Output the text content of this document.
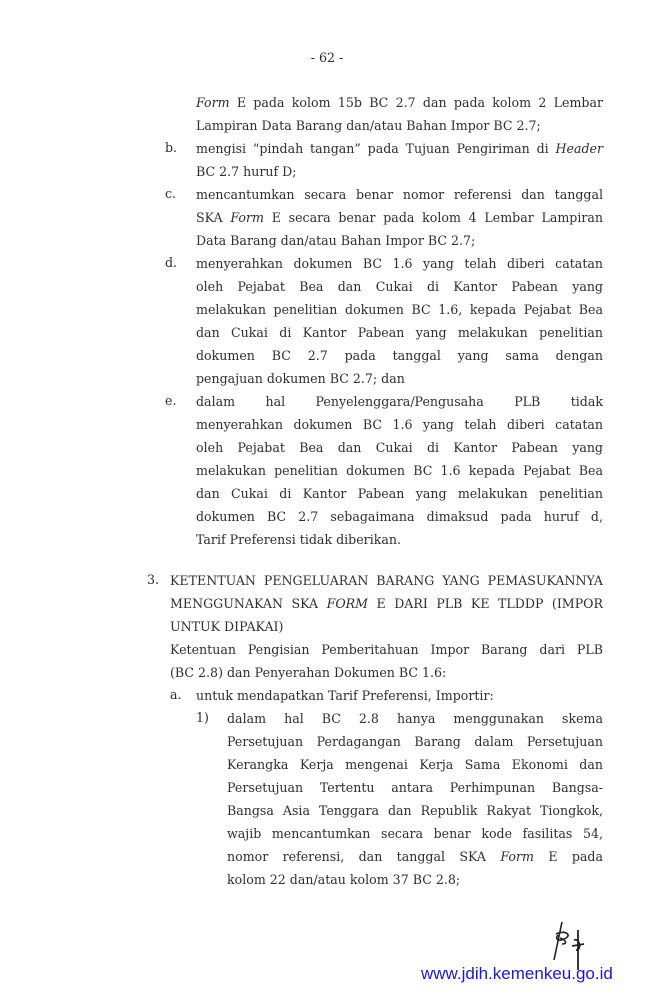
- 62 -
Form E pada kolom 15b BC 2.7 dan pada kolom 2 Lembar
Lampiran Data Barang dan/atau Bahan Impor BC 2.7;
b. mengisi “pindah tangan” pada Tujuan Pengiriman di Header
BC 2.7 huruf D;
c. mencantumkan secara benar nomor referensi dan tanggal
SKA Form E secara benar pada kolom 4 Lembar Lampiran
Data Barang dan/atau Bahan Impor BC 2.7;
d. menyerahkan dokumen BC 1.6 yang telah diberi catatan
oleh Pejabat Bea dan Cukai di Kantor Pabean yang
melakukan penelitian dokumen BC 1.6, kepada Pejabat Bea
dan Cukai di Kantor Pabean yang melakukan penelitian
dokumen BC 2.7 pada tanggal yang sama dengan
pengajuan dokumen BC 2.7; dan
e. dalam hal Penyelenggara/Pengusaha PLB tidak
menyerahkan dokumen BC 1.6 yang telah diberi catatan
oleh Pejabat Bea dan Cukai di Kantor Pabean yang
melakukan penelitian dokumen BC 1.6 kepada Pejabat Bea
dan Cukai di Kantor Pabean yang melakukan penelitian
dokumen BC 2.7 sebagaimana dimaksud pada huruf d,
Tarif Preferensi tidak diberikan.
3. KETENTUAN PENGELUARAN BARANG YANG PEMASUKANNYA
MENGGUNAKAN SKA FORM E DARI PLB KE TLDDP (IMPOR
UNTUK DIPAKAI)
Ketentuan Pengisian Pemberitahuan Impor Barang dari PLB
(BC 2.8) dan Penyerahan Dokumen BC 1.6:
a. untuk mendapatkan Tarif Preferensi, Importir:
1) dalam hal BC 2.8 hanya menggunakan skema
Persetujuan Perdagangan Barang dalam Persetujuan
Kerangka Kerja mengenai Kerja Sama Ekonomi dan
Persetujuan Tertentu antara Perhimpunan Bangsa-
Bangsa Asia Tenggara dan Republik Rakyat Tiongkok,
wajib mencantumkan secara benar kode fasilitas 54,
nomor referensi, dan tanggal SKA Form E pada
kolom 22 dan/atau kolom 37 BC 2.8;
www.jdih.kemenkeu.go.id
